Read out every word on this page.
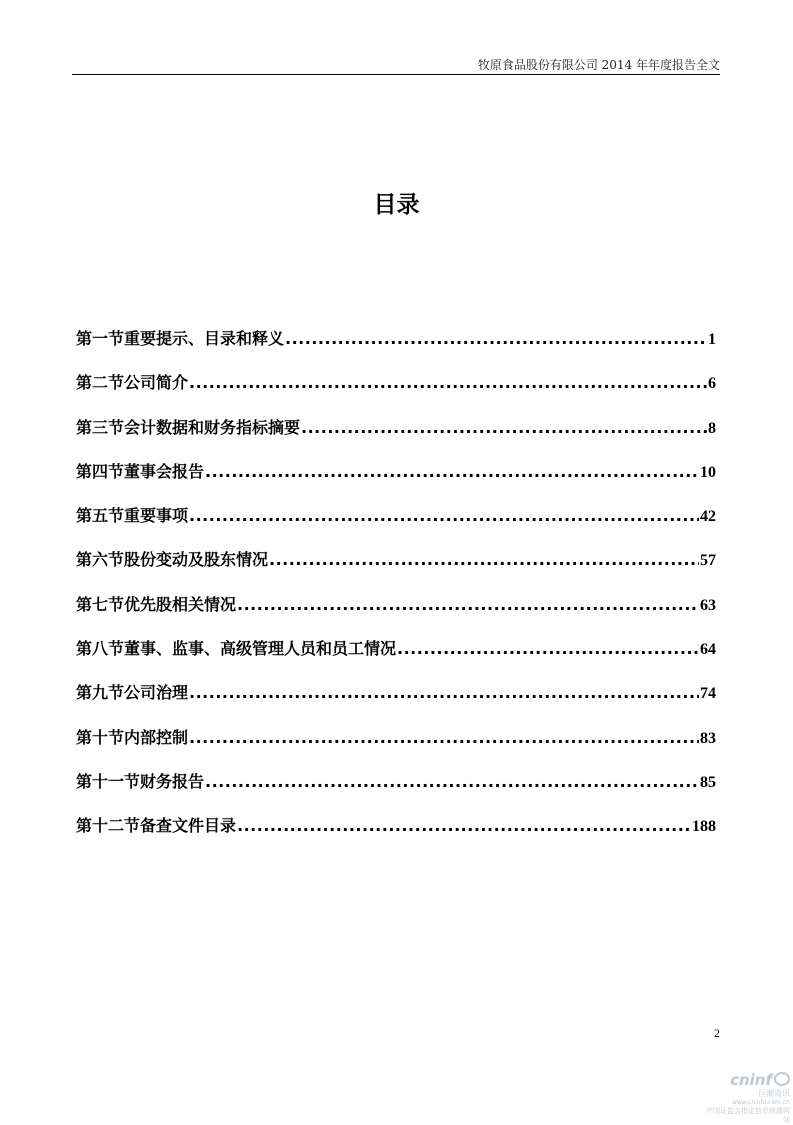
牧原食品股份有限公司 2014 年年度报告全文
目录
第一节重要提示、目录和释义 .....	1
第二节公司简介 .....	6
第三节会计数据和财务指标摘要 .....	8
第四节董事会报告 .....	10
第五节重要事项 .....	42
第六节股份变动及股东情况 .....	57
第七节优先股相关情况 .....	63
第八节董事、监事、高级管理人员和员工情况 .....	64
第九节公司治理 .....	74
第十节内部控制 .....	83
第十一节财务报告 .....	85
第十二节备查文件目录 .....	188
2
cninf
巨潮资讯
www.cninfo.com.cn
中国证监会指定信息披露网站
